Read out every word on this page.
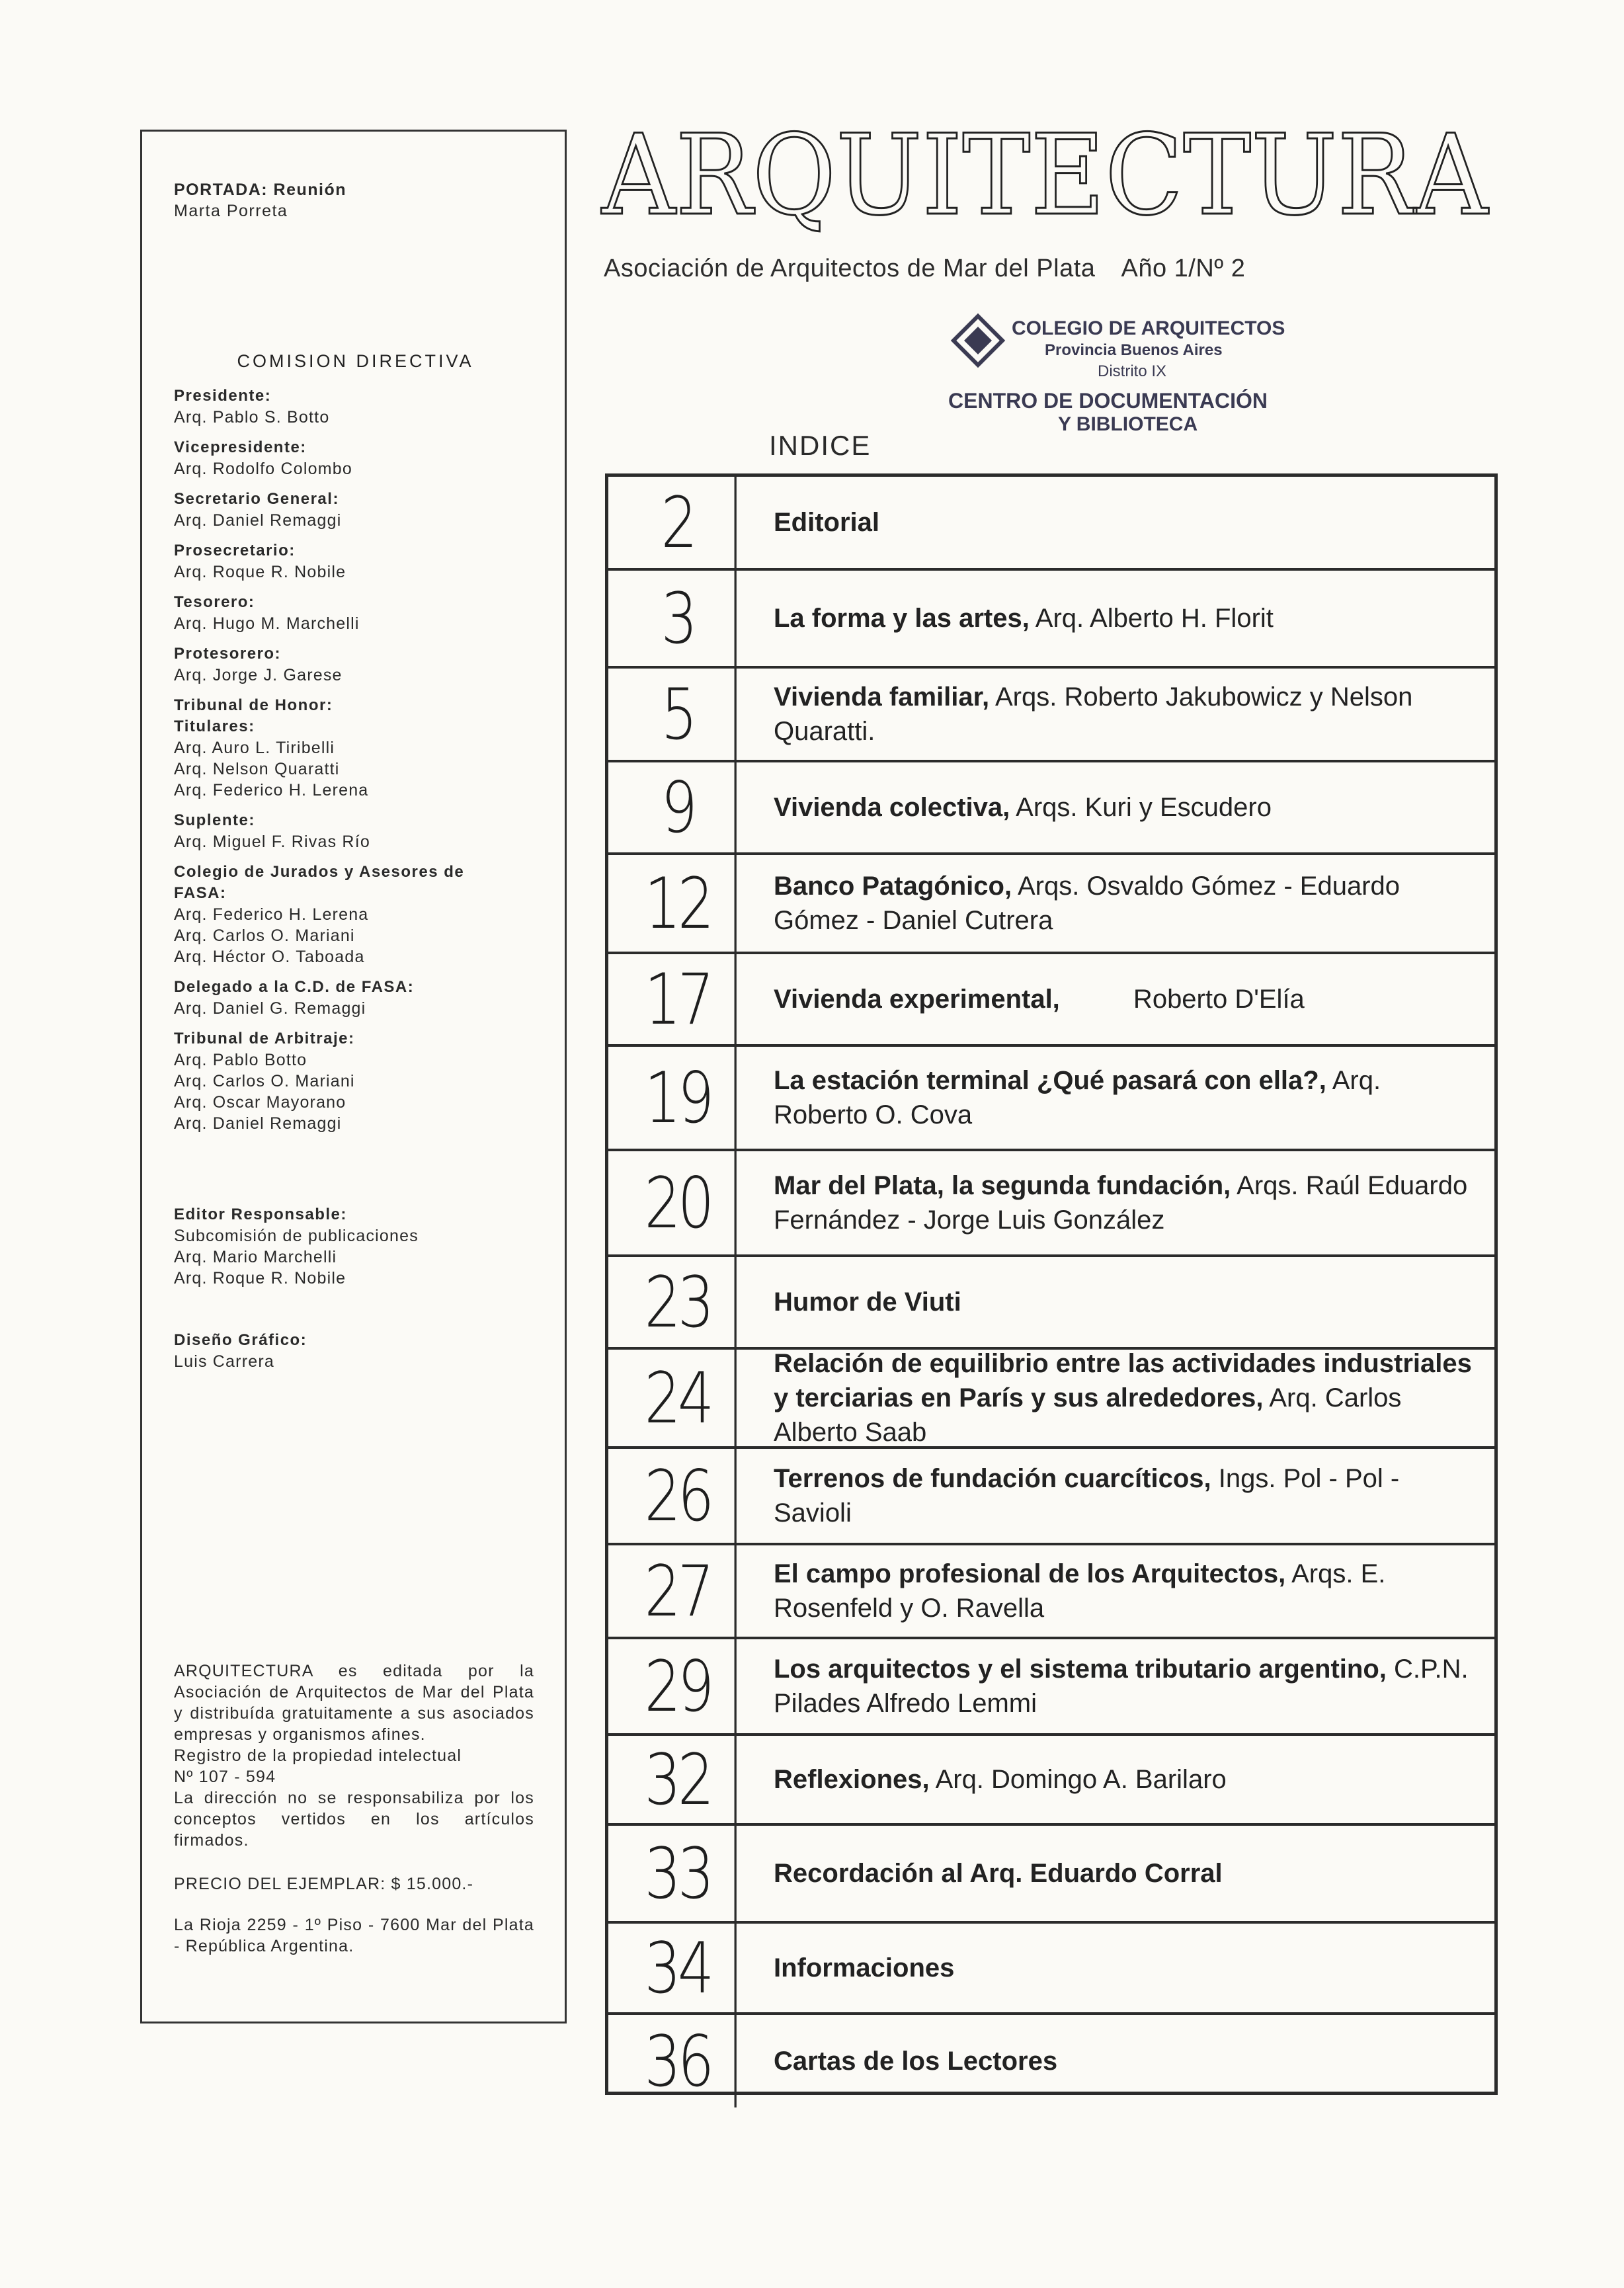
PORTADA: Reunión
Marta Porreta
COMISION DIRECTIVA
Presidente:
Arq. Pablo S. Botto
Vicepresidente:
Arq. Rodolfo Colombo
Secretario General:
Arq. Daniel Remaggi
Prosecretario:
Arq. Roque R. Nobile
Tesorero:
Arq. Hugo M. Marchelli
Protesorero:
Arq. Jorge J. Garese
Tribunal de Honor:
Titulares:
Arq. Auro L. Tiribelli
Arq. Nelson Quaratti
Arq. Federico H. Lerena
Suplente:
Arq. Miguel F. Rivas Río
Colegio de Jurados y Asesores de FASA:
Arq. Federico H. Lerena
Arq. Carlos O. Mariani
Arq. Héctor O. Taboada
Delegado a la C.D. de FASA:
Arq. Daniel G. Remaggi
Tribunal de Arbitraje:
Arq. Pablo Botto
Arq. Carlos O. Mariani
Arq. Oscar Mayorano
Arq. Daniel Remaggi
Editor Responsable:
Subcomisión de publicaciones
Arq. Mario Marchelli
Arq. Roque R. Nobile
Diseño Gráfico:
Luis Carrera
ARQUITECTURA es editada por la Asociación de Arquitectos de Mar del Plata y distribuída gratuitamente a sus asociados empresas y organismos afines.
Registro de la propiedad intelectual
Nº 107 - 594
La dirección no se responsabiliza por los conceptos vertidos en los artículos firmados.
PRECIO DEL EJEMPLAR: $ 15.000.-
La Rioja 2259 - 1º Piso - 7600 Mar del Plata - República Argentina.
ARQUITECTURA
Asociación de Arquitectos de Mar del Plata Año 1/Nº 2
COLEGIO DE ARQUITECTOS
Provincia Buenos Aires
Distrito IX
CENTRO DE DOCUMENTACIÓN
Y BIBLIOTECA
INDICE
2	Editorial
3	La forma y las artes, Arq. Alberto H. Florit
5	Vivienda familiar, Arqs. Roberto Jakubowicz y Nelson Quaratti.
9	Vivienda colectiva, Arqs. Kuri y Escudero
12	Banco Patagónico, Arqs. Osvaldo Gómez - Eduardo Gómez - Daniel Cutrera
17	Vivienda experimental,          Roberto D'Elía
19	La estación terminal ¿Qué pasará con ella?, Arq. Roberto O. Cova
20	Mar del Plata, la segunda fundación, Arqs. Raúl Eduardo Fernández - Jorge Luis González
23	Humor de Viuti
24	Relación de equilibrio entre las actividades industriales y terciarias en París y sus alrededores, Arq. Carlos Alberto Saab
26	Terrenos de fundación cuarcíticos, Ings. Pol - Pol - Savioli
27	El campo profesional de los Arquitectos, Arqs. E. Rosenfeld y O. Ravella
29	Los arquitectos y el sistema tributario argentino, C.P.N. Pilades Alfredo Lemmi
32	Reflexiones, Arq. Domingo A. Barilaro
33	Recordación al Arq. Eduardo Corral
34	Informaciones
36	Cartas de los Lectores
